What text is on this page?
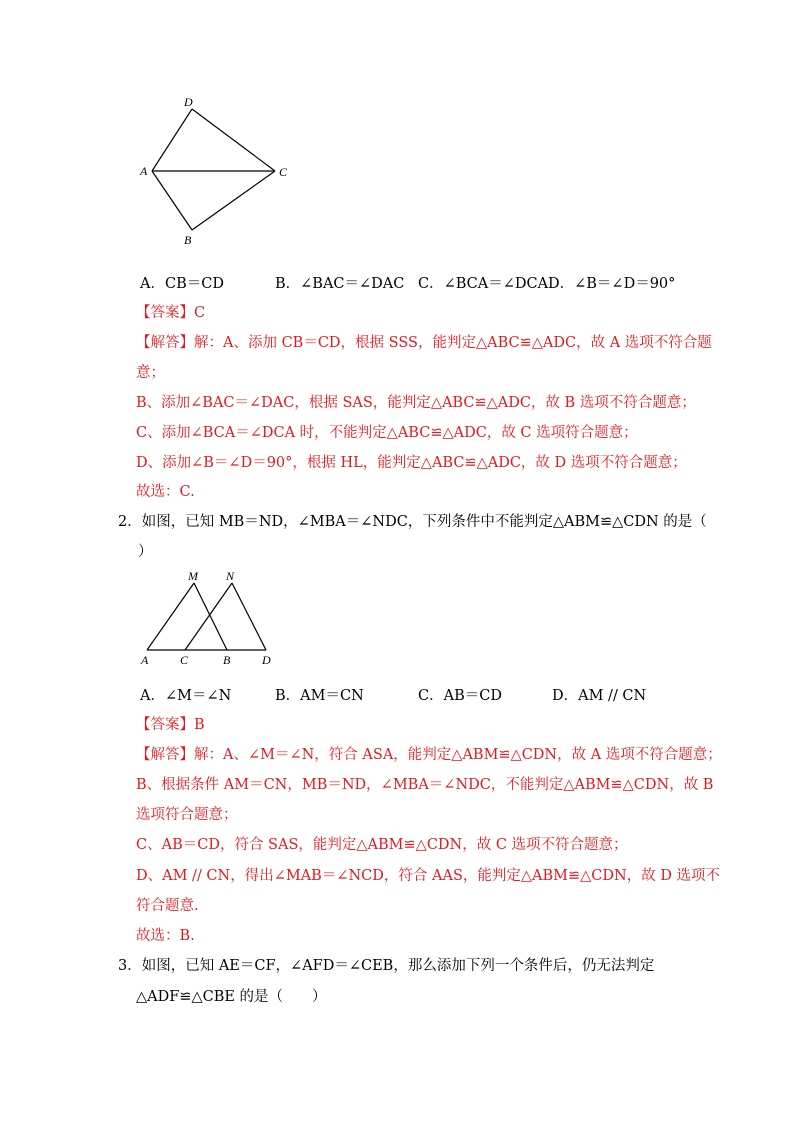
D
A	C
B
A．CB＝CD	B．∠BAC＝∠DAC C．∠BCA＝∠DCA D．∠B＝∠D＝90°
【答案】C
【解答】解：A、添加 CB＝CD，根据 SSS，能判定△ABC≌△ADC，故 A 选项不符合题
意；
B、添加∠BAC＝∠DAC，根据 SAS，能判定△ABC≌△ADC，故 B 选项不符合题意；
C、添加∠BCA＝∠DCA 时，不能判定△ABC≌△ADC，故 C 选项符合题意；
D、添加∠B＝∠D＝90°，根据 HL，能判定△ABC≌△ADC，故 D 选项不符合题意；
故选：C.
2．如图，已知 MB＝ND，∠MBA＝∠NDC，下列条件中不能判定△ABM≌△CDN 的是（
）
M N
A	C	B	D
A．∠M＝∠N	B．AM＝CN	C．AB＝CD	D．AM // CN
【答案】B
【解答】解：A、∠M＝∠N，符合 ASA，能判定△ABM≌△CDN，故 A 选项不符合题意；
B、根据条件 AM＝CN，MB＝ND，∠MBA＝∠NDC，不能判定△ABM≌△CDN，故 B
选项符合题意；
C、AB＝CD，符合 SAS，能判定△ABM≌△CDN，故 C 选项不符合题意；
D、AM // CN，得出∠MAB＝∠NCD，符合 AAS，能判定△ABM≌△CDN，故 D 选项不
符合题意.
故选：B.
3．如图，已知 AE＝CF，∠AFD＝∠CEB，那么添加下列一个条件后，仍无法判定
△ADF≌△CBE 的是（　　）
